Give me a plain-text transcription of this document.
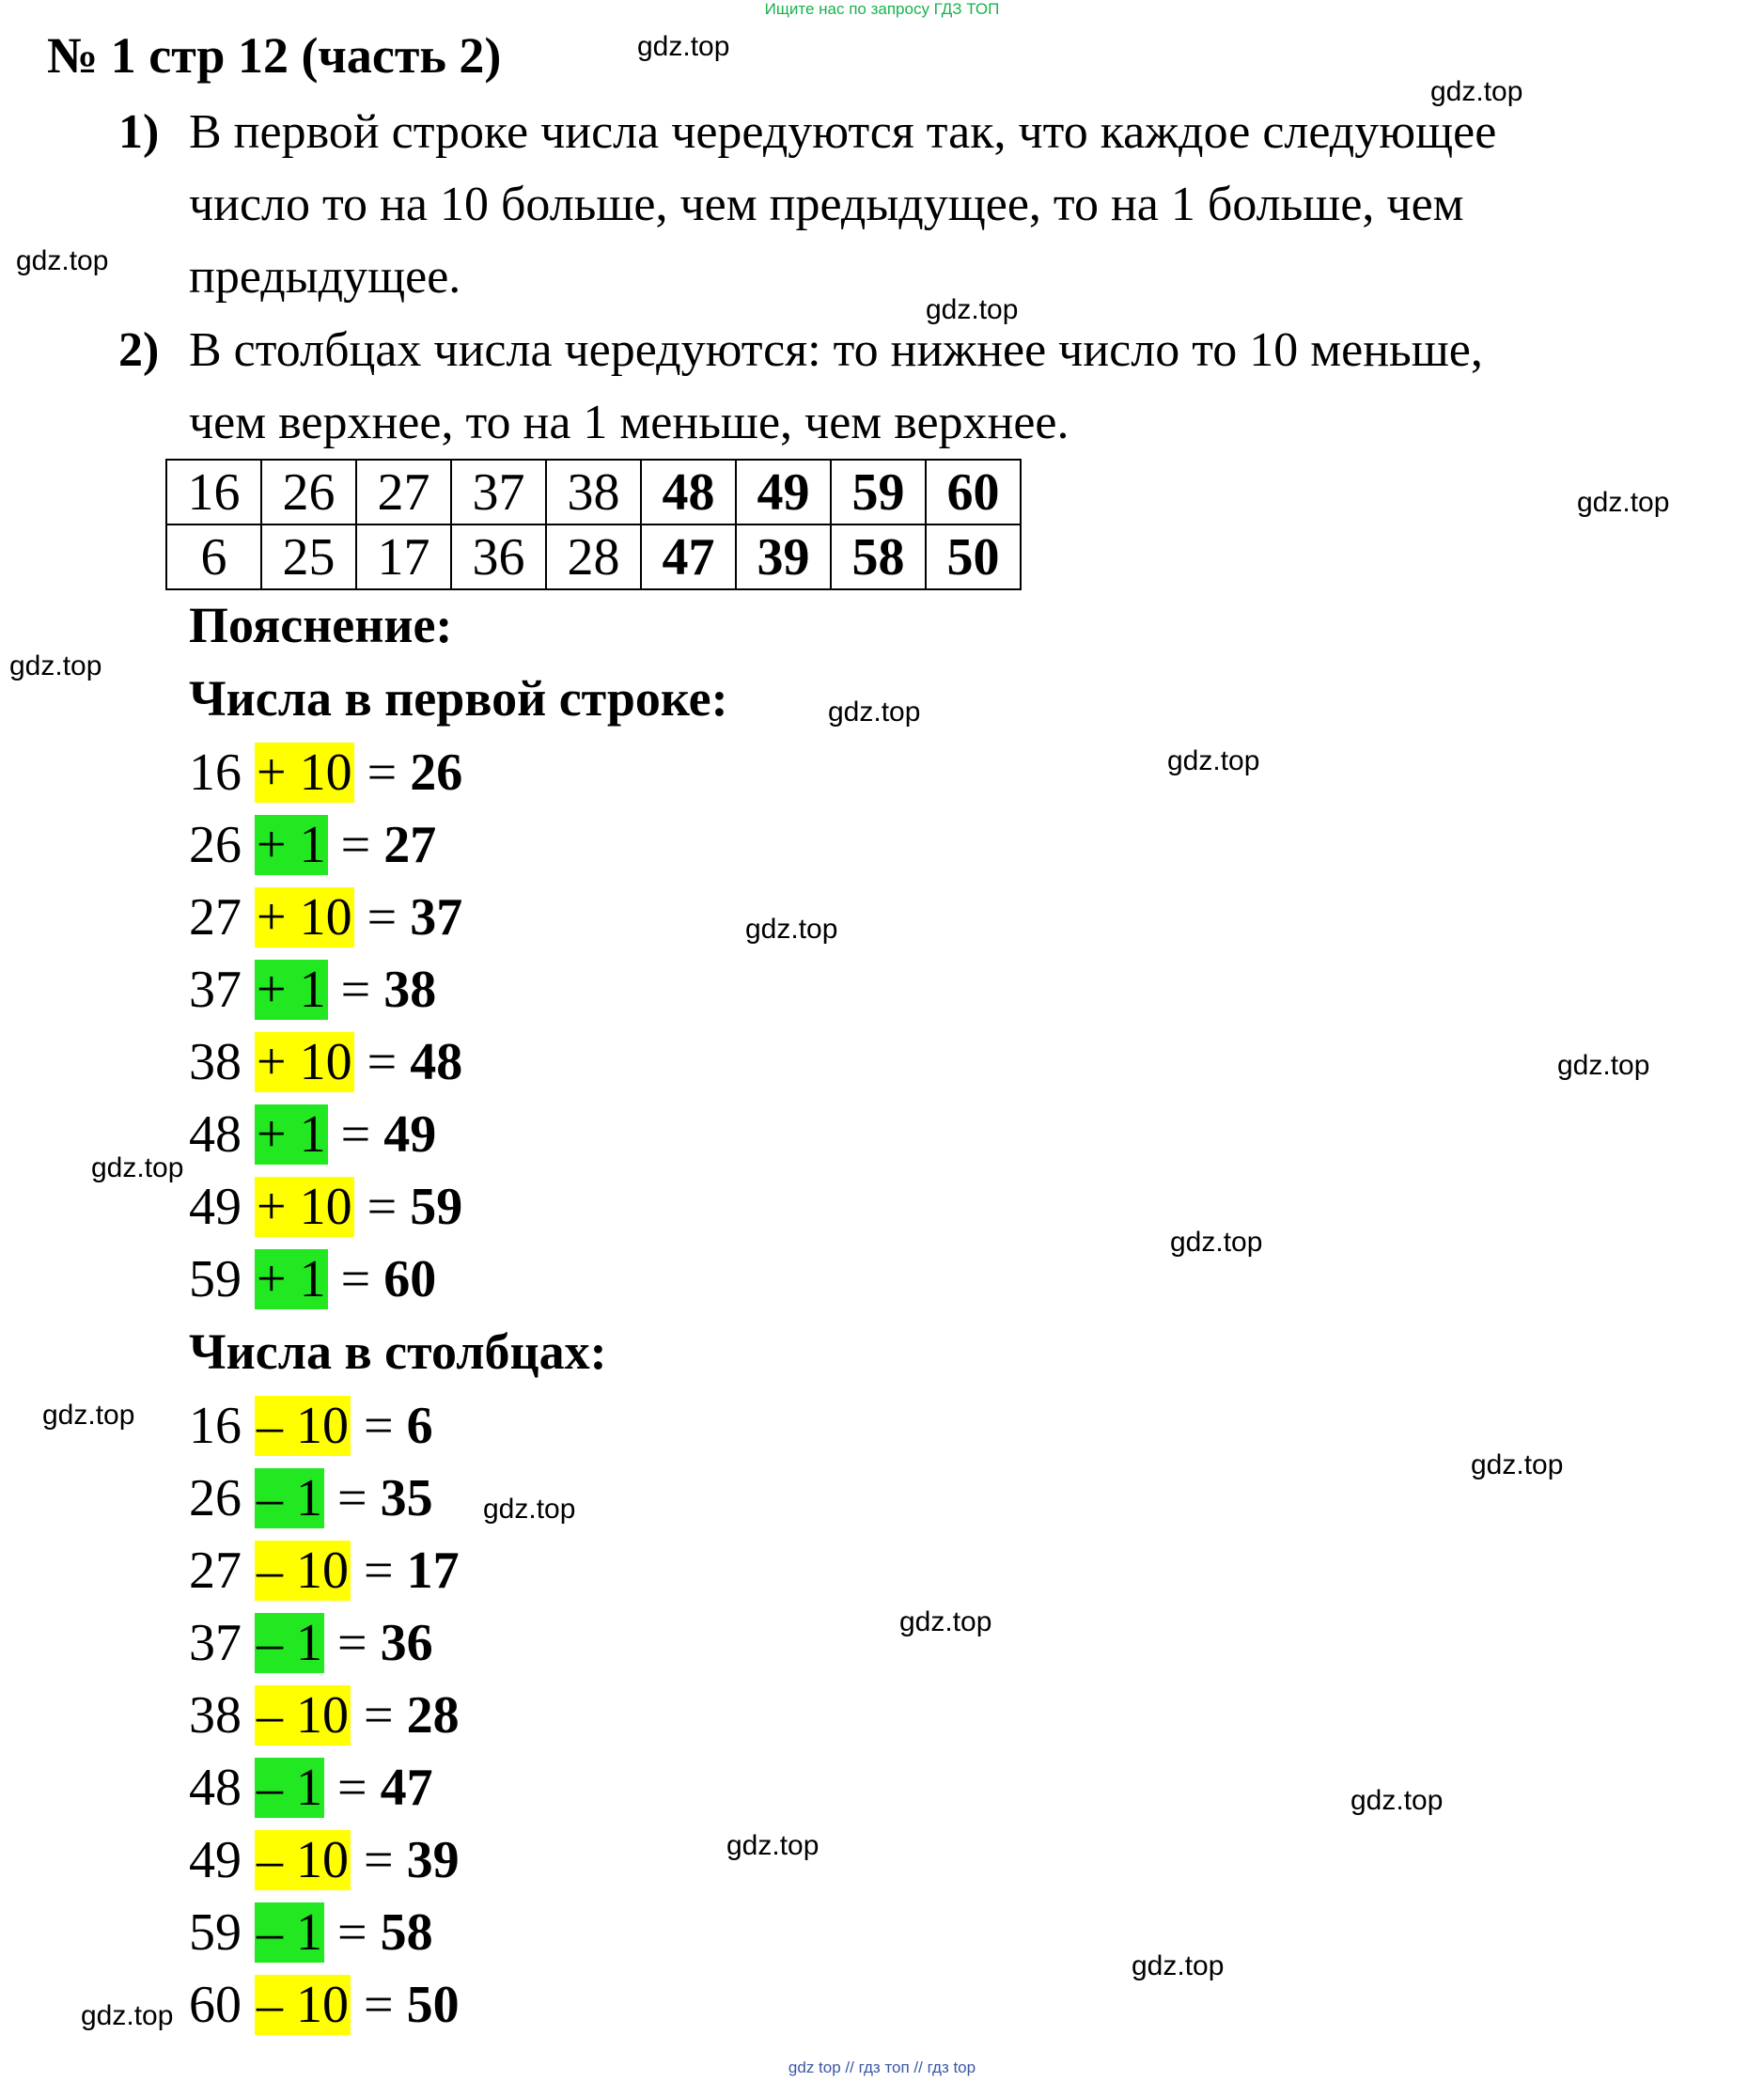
Ищите нас по запросу ГДЗ ТОП
№ 1 стр 12 (часть 2)
1) В первой строке числа чередуются так, что каждое следующее
число то на 10 больше, чем предыдущее, то на 1 больше, чем
предыдущее.
2) В столбцах числа чередуются: то нижнее число то 10 меньше,
чем верхнее, то на 1 меньше, чем верхнее.
16	26	27	37	38	48	49	59	60
6	25	17	36	28	47	39	58	50
Пояснение:
Числа в первой строке:
16 + 10 = 26
26 + 1 = 27
27 + 10 = 37
37 + 1 = 38
38 + 10 = 48
48 + 1 = 49
49 + 10 = 59
59 + 1 = 60
Числа в столбцах:
16 – 10 = 6
26 – 1 = 35
27 – 10 = 17
37 – 1 = 36
38 – 10 = 28
48 – 1 = 47
49 – 10 = 39
59 – 1 = 58
60 – 10 = 50
gdz.top
gdz.top
gdz.top
gdz.top
gdz.top
gdz.top
gdz.top
gdz.top
gdz.top
gdz.top
gdz.top
gdz.top
gdz.top
gdz.top
gdz.top
gdz.top
gdz.top
gdz.top
gdz.top
gdz.top
gdz top // гдз топ // гдз top
